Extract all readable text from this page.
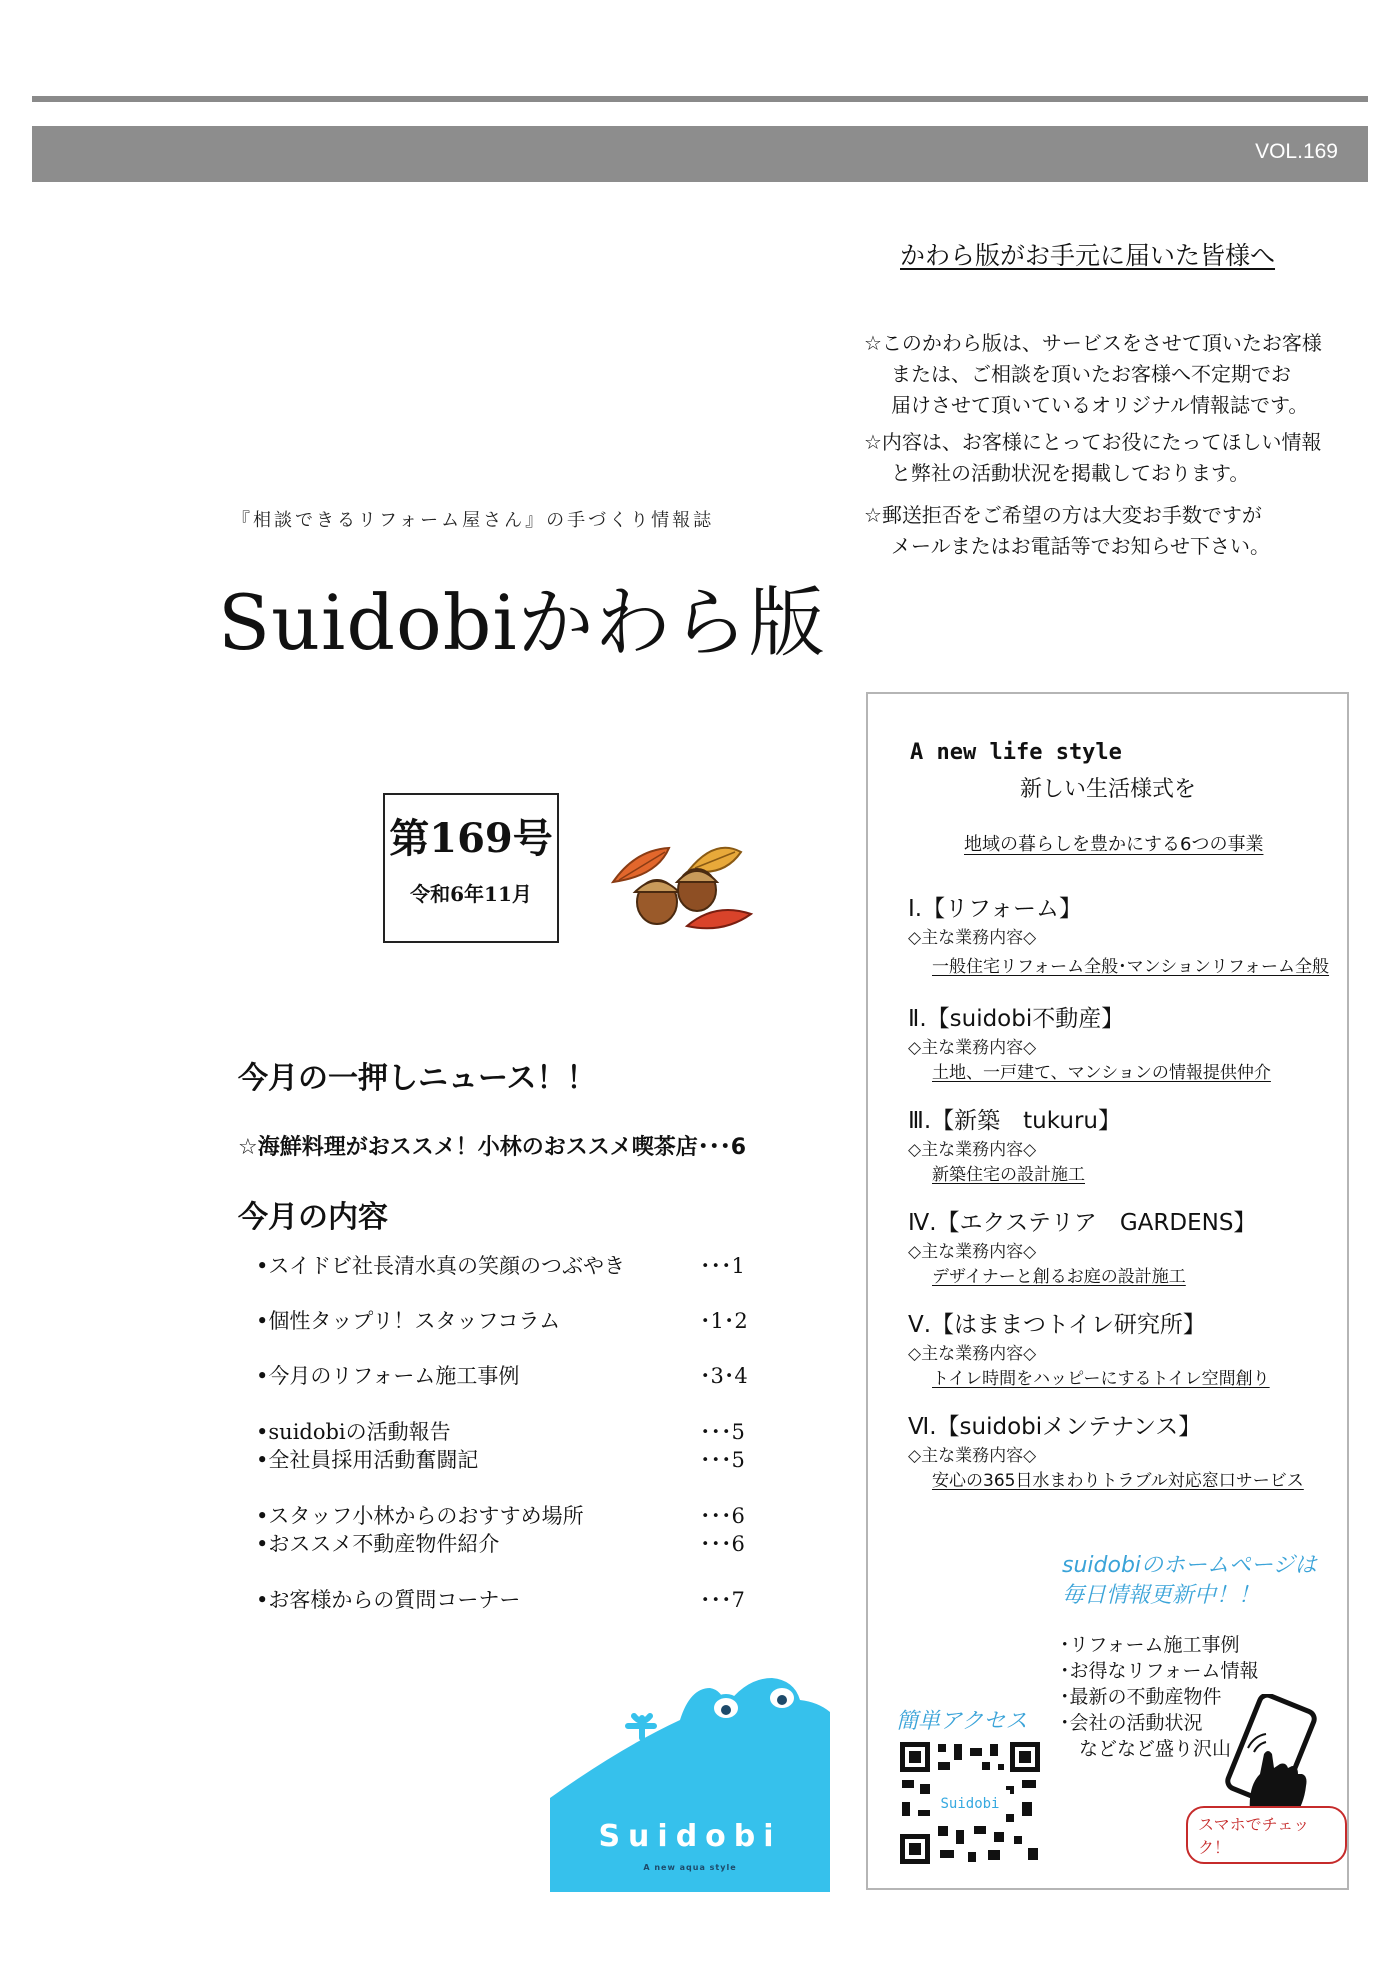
VOL.169
かわら版がお手元に届いた皆様へ
☆このかわら版は、サービスをさせて頂いたお客様
または、ご相談を頂いたお客様へ不定期でお
届けさせて頂いているオリジナル情報誌です。
☆内容は、お客様にとってお役にたってほしい情報
と弊社の活動状況を掲載しております。
☆郵送拒否をご希望の方は大変お手数ですが
メールまたはお電話等でお知らせ下さい。
『相談できるリフォーム屋さん』の手づくり情報誌
Suidobiかわら版
第169号
令和6年11月
今月の一押しニュース！！
☆海鮮料理がおススメ！小林のおススメ喫茶店･･･6
今月の内容
•スイドビ社長清水真の笑顔のつぶやき	･･･1
•個性タップリ！スタッフコラム	･1･2
•今月のリフォーム施工事例	･3･4
•suidobiの活動報告	･･･5
•全社員採用活動奮闘記	･･･5
•スタッフ小林からのおすすめ場所	･･･6
•おススメ不動産物件紹介	･･･6
•お客様からの質問コーナー	･･･7
Suidobi
A new aqua style
A new life style
新しい生活様式を
地域の暮らしを豊かにする6つの事業
Ⅰ.【リフォーム】
◇主な業務内容◇
一般住宅リフォーム全般･マンションリフォーム全般
Ⅱ.【suidobi不動産】
◇主な業務内容◇
土地、一戸建て、マンションの情報提供仲介
Ⅲ.【新築　tukuru】
◇主な業務内容◇
新築住宅の設計施工
Ⅳ.【エクステリア　GARDENS】
◇主な業務内容◇
デザイナーと創るお庭の設計施工
Ⅴ.【はままつトイレ研究所】
◇主な業務内容◇
トイレ時間をハッピーにするトイレ空間創り
Ⅵ.【suidobiメンテナンス】
◇主な業務内容◇
安心の365日水まわりトラブル対応窓口サービス
suidobiのホームページは
毎日情報更新中！！
･リフォーム施工事例
･お得なリフォーム情報
･最新の不動産物件
･会社の活動状況
　などなど盛り沢山
簡単アクセス
Suidobi
スマホでチェック！
